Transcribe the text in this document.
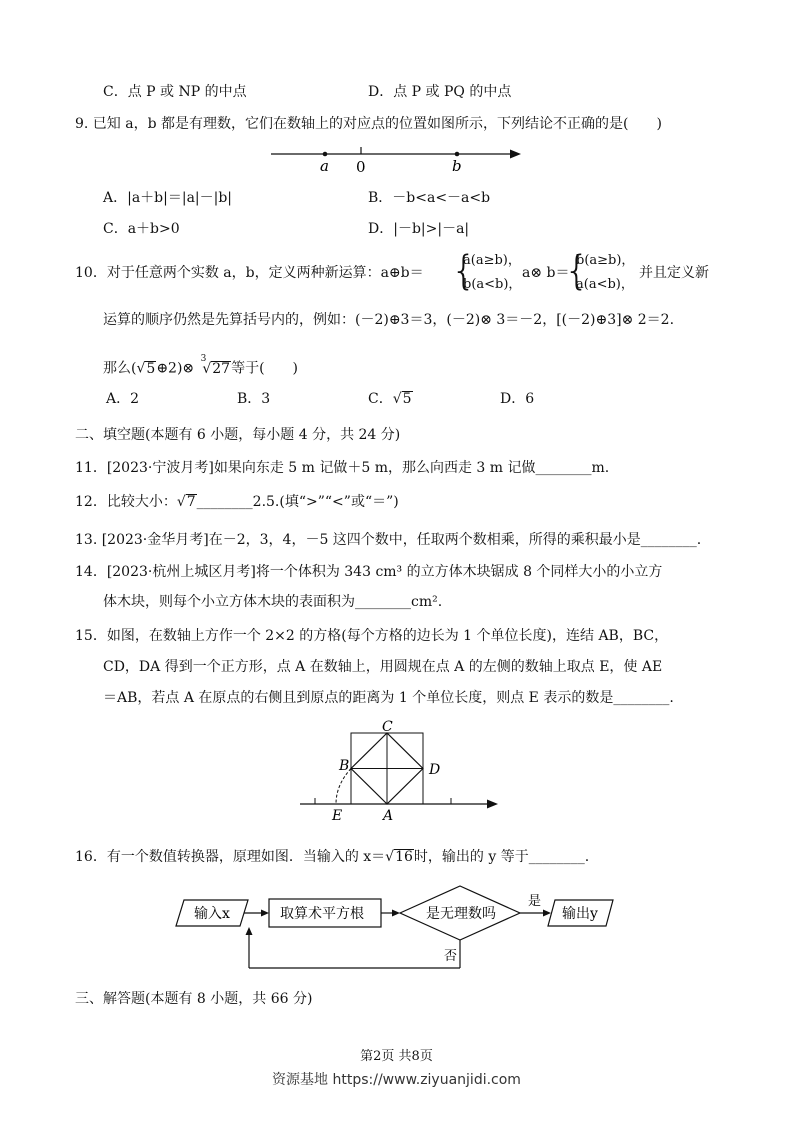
C．点 P 或 NP 的中点	D．点 P 或 PQ 的中点
9. 已知 a，b 都是有理数，它们在数轴上的对应点的位置如图所示，下列结论不正确的是(　　)
a 0	b
A．|a＋b|＝|a|－|b|	B．－b<a<－a<b
C．a＋b>0	D．|－b|>|－a|
10．对于任意两个实数 a，b，定义两种新运算：a⊕b＝ {
a(a≥b)，
b(a<b)，
a⊗ b＝
{
b(a≥b)，
a(a<b)，
并且定义新
运算的顺序仍然是先算括号内的，例如：(－2)⊕3＝3，(－2)⊗ 3＝－2，[(－2)⊕3]⊗ 2＝2.
那么(√5⊕2)⊗ $^3$√27等于(　　)
A．2	B．3	C．√5	D．6
二、填空题(本题有 6 小题，每小题 4 分，共 24 分)
11．[2023·宁波月考]如果向东走 5 m 记做＋5 m，那么向西走 3 m 记做________m.
12．比较大小：√7________2.5.(填“>”“<”或“＝”)
13. [2023·金华月考]在－2，3，4，－5 这四个数中，任取两个数相乘，所得的乘积最小是________.
14．[2023·杭州上城区月考]将一个体积为 343 cm³ 的立方体木块锯成 8 个同样大小的小立方
体木块，则每个小立方体木块的表面积为________cm².
15．如图，在数轴上方作一个 2×2 的方格(每个方格的边长为 1 个单位长度)，连结 AB，BC，
CD，DA 得到一个正方形，点 A 在数轴上，用圆规在点 A 的左侧的数轴上取点 E，使 AE
＝AB，若点 A 在原点的右侧且到原点的距离为 1 个单位长度，则点 E 表示的数是________.
C
B	D
E	A
16．有一个数值转换器，原理如图．当输入的 x＝√16时，输出的 y 等于________.
输入x	取算术平方根	是无理数吗
是
输出y
否
三、解答题(本题有 8 小题，共 66 分)
第2页 共8页
资源基地 https://www.ziyuanjidi.com
